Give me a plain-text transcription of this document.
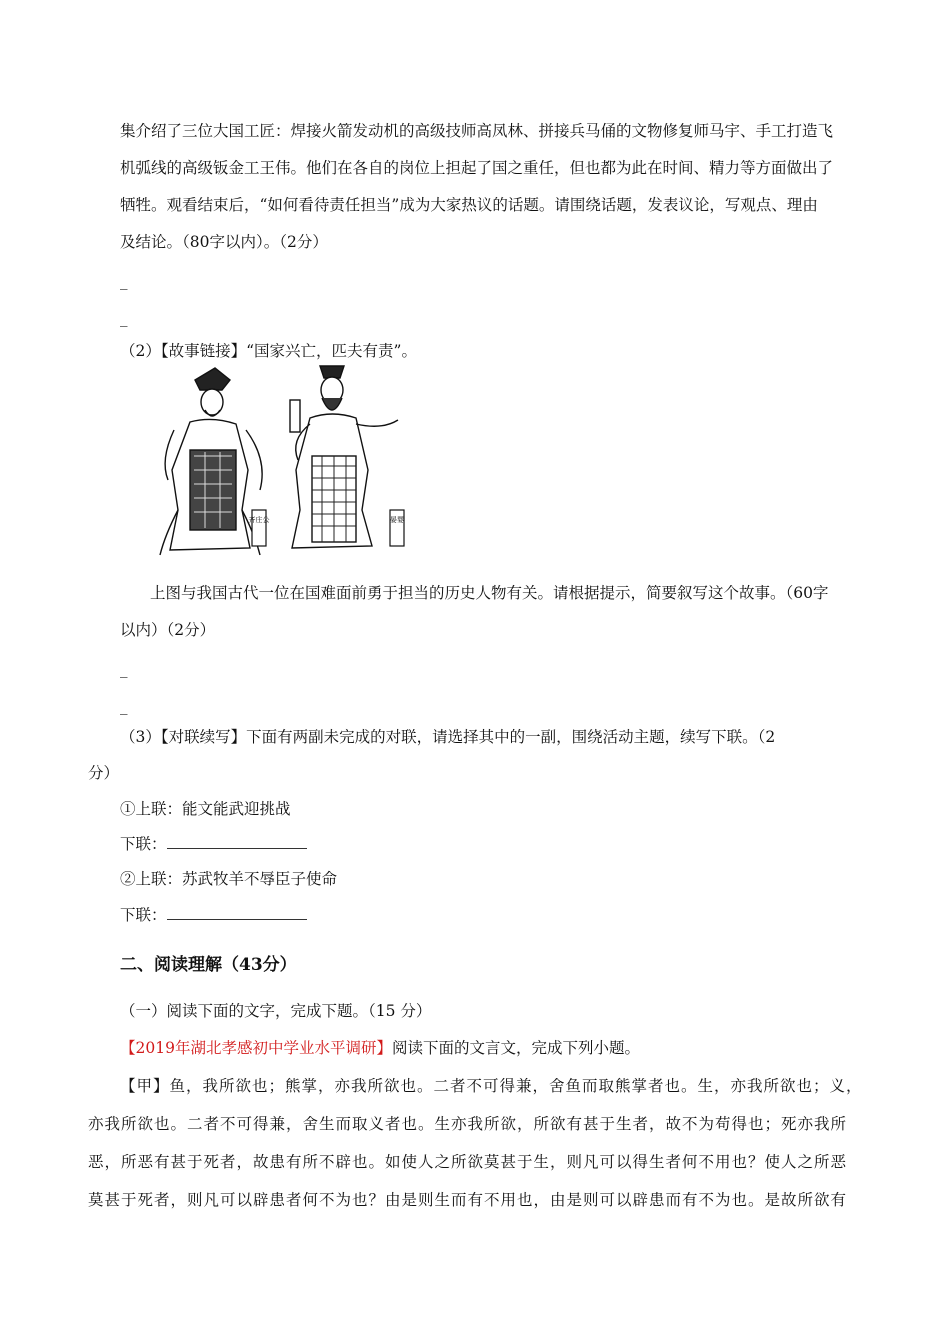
集介绍了三位大国工匠：焊接火箭发动机的高级技师高凤林、拼接兵马俑的文物修复师马宇、手工打造飞
机弧线的高级钣金工王伟。他们在各自的岗位上担起了国之重任，但也都为此在时间、精力等方面做出了
牺牲。观看结束后，“如何看待责任担当”成为大家热议的话题。请围绕话题，发表议论，写观点、理由
及结论。（80字以内）。（2分）
_
_
（2）【故事链接】“国家兴亡，匹夫有责”。
齐庄公	晏婴
上图与我国古代一位在国难面前勇于担当的历史人物有关。请根据提示，简要叙写这个故事。（60字
以内）（2分）
_
_
（3）【对联续写】下面有两副未完成的对联，请选择其中的一副，围绕活动主题，续写下联。（2
分）
①上联：能文能武迎挑战
下联：
②上联：苏武牧羊不辱臣子使命
下联：
二、阅读理解（43分）
（一）阅读下面的文字，完成下题。（15 分）
【2019年湖北孝感初中学业水平调研】阅读下面的文言文，完成下列小题。
【甲】鱼，我所欲也；熊掌，亦我所欲也。二者不可得兼，舍鱼而取熊掌者也。生，亦我所欲也；义，
亦我所欲也。二者不可得兼，舍生而取义者也。生亦我所欲，所欲有甚于生者，故不为苟得也；死亦我所
恶，所恶有甚于死者，故患有所不辟也。如使人之所欲莫甚于生，则凡可以得生者何不用也？使人之所恶
莫甚于死者，则凡可以辟患者何不为也？由是则生而有不用也，由是则可以辟患而有不为也。是故所欲有
